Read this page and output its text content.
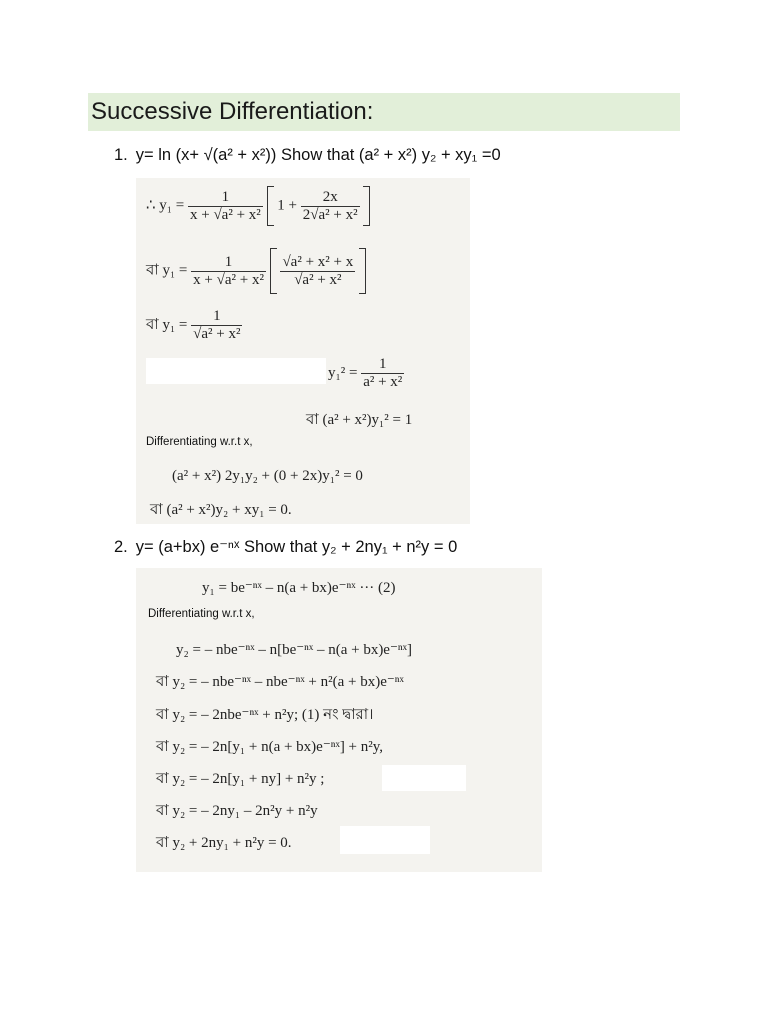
Successive Differentiation:
1. y= ln (x+ √(a² + x²)) Show that (a² + x²) y₂ + xy₁ =0
∴ $y_1 = \frac{1}{\text{x + √a² + x²}} 1 + \frac{2x}{\text{2√a² + x²}}$

বা $y_1 = \frac{1}{\text{x + √a² + x²}}$
$\frac{\text{√a² + x² + x}}{\text{√a² + x²}}$

বা $y_1 = \frac{1}{\text{√a² + x²}}$
$y_1^2 = \frac{1}{\text{a² + x²}}$
বা (a² + x²)y₁² = 1
Differentiating w.r.t x,
(a² + x²) 2y₁y₂ + (0 + 2x)y₁² = 0
বা (a² + x²)y₂ + xy₁ = 0.
2. y= (a+bx) e⁻ⁿˣ Show that y₂ + 2ny₁ + n²y = 0
y₁ = be⁻ⁿˣ – n(a + bx)e⁻ⁿˣ ··· (2)
Differentiating w.r.t x,
y₂ = – nbe⁻ⁿˣ – n[be⁻ⁿˣ – n(a + bx)e⁻ⁿˣ]
বা y₂ = – nbe⁻ⁿˣ – nbe⁻ⁿˣ + n²(a + bx)e⁻ⁿˣ
বা y₂ = – 2nbe⁻ⁿˣ + n²y; (1) নং দ্বারা।
বা y₂ = – 2n[y₁ + n(a + bx)e⁻ⁿˣ] + n²y,
বা y₂ = – 2n[y₁ + ny] + n²y ;
বা y₂ = – 2ny₁ – 2n²y + n²y
বা y₂ + 2ny₁ + n²y = 0.
